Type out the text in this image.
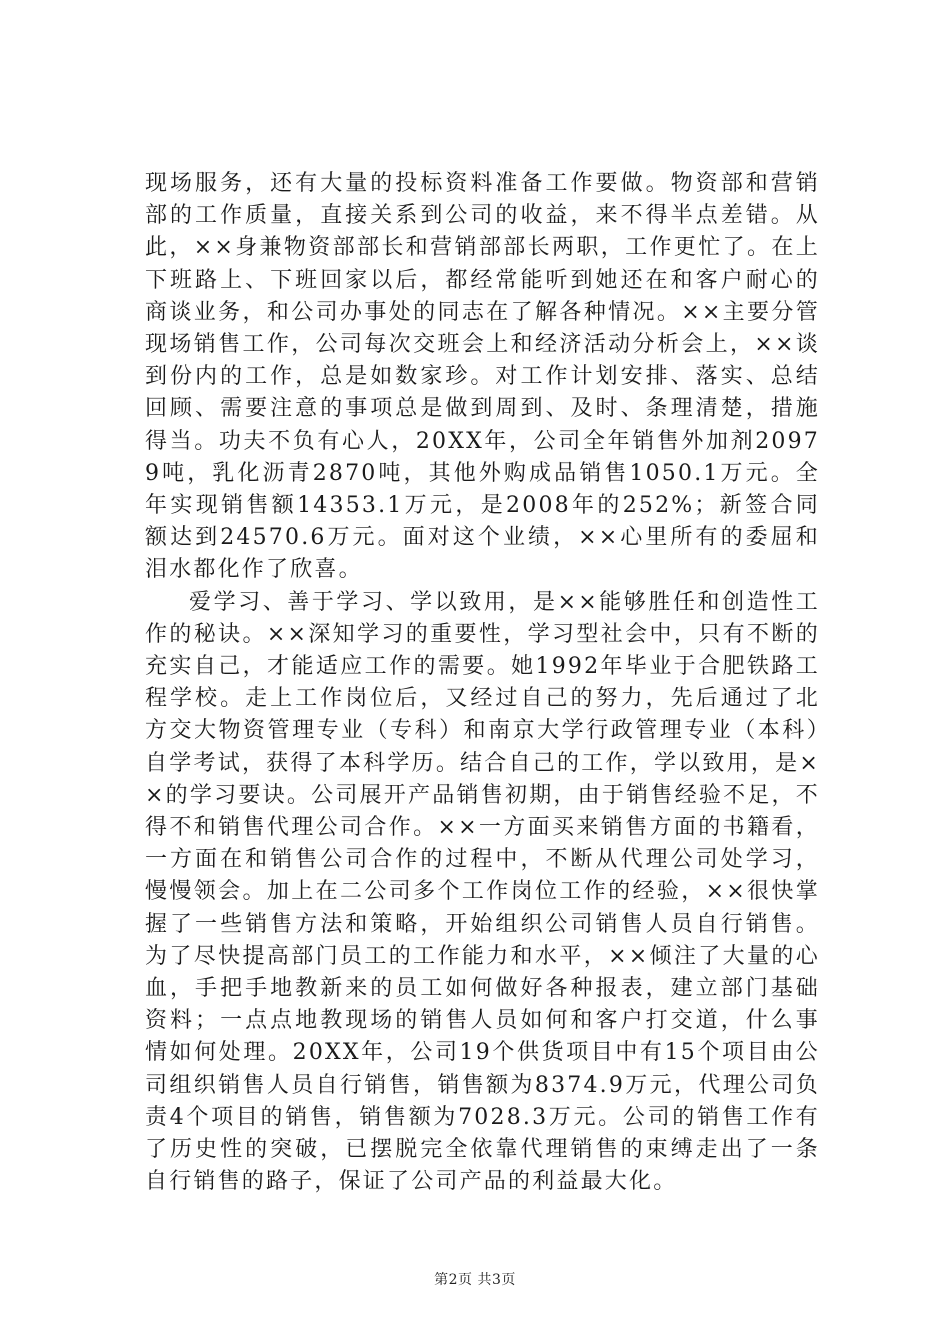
现场服务，还有大量的投标资料准备工作要做。物资部和营销部的工作质量，直接关系到公司的收益，来不得半点差错。从此，××身兼物资部部长和营销部部长两职，工作更忙了。在上下班路上、下班回家以后，都经常能听到她还在和客户耐心的商谈业务，和公司办事处的同志在了解各种情况。××主要分管现场销售工作，公司每次交班会上和经济活动分析会上，××谈到份内的工作，总是如数家珍。对工作计划安排、落实、总结回顾、需要注意的事项总是做到周到、及时、条理清楚，措施得当。功夫不负有心人，20XX年，公司全年销售外加剂20979吨，乳化沥青2870吨，其他外购成品销售1050.1万元。全年实现销售额14353.1万元，是2008年的252%；新签合同额达到24570.6万元。面对这个业绩，××心里所有的委屈和泪水都化作了欣喜。

爱学习、善于学习、学以致用，是××能够胜任和创造性工作的秘诀。××深知学习的重要性，学习型社会中，只有不断的充实自己，才能适应工作的需要。她1992年毕业于合肥铁路工程学校。走上工作岗位后，又经过自己的努力，先后通过了北方交大物资管理专业（专科）和南京大学行政管理专业（本科）自学考试，获得了本科学历。结合自己的工作，学以致用，是××的学习要诀。公司展开产品销售初期，由于销售经验不足，不得不和销售代理公司合作。××一方面买来销售方面的书籍看，一方面在和销售公司合作的过程中，不断从代理公司处学习，慢慢领会。加上在二公司多个工作岗位工作的经验，××很快掌握了一些销售方法和策略，开始组织公司销售人员自行销售。为了尽快提高部门员工的工作能力和水平，××倾注了大量的心血，手把手地教新来的员工如何做好各种报表，建立部门基础资料；一点点地教现场的销售人员如何和客户打交道，什么事情如何处理。20XX年，公司19个供货项目中有15个项目由公司组织销售人员自行销售，销售额为8374.9万元，代理公司负责4个项目的销售，销售额为7028.3万元。公司的销售工作有了历史性的突破，已摆脱完全依靠代理销售的束缚走出了一条自行销售的路子，保证了公司产品的利益最大化。

第2页 共3页
